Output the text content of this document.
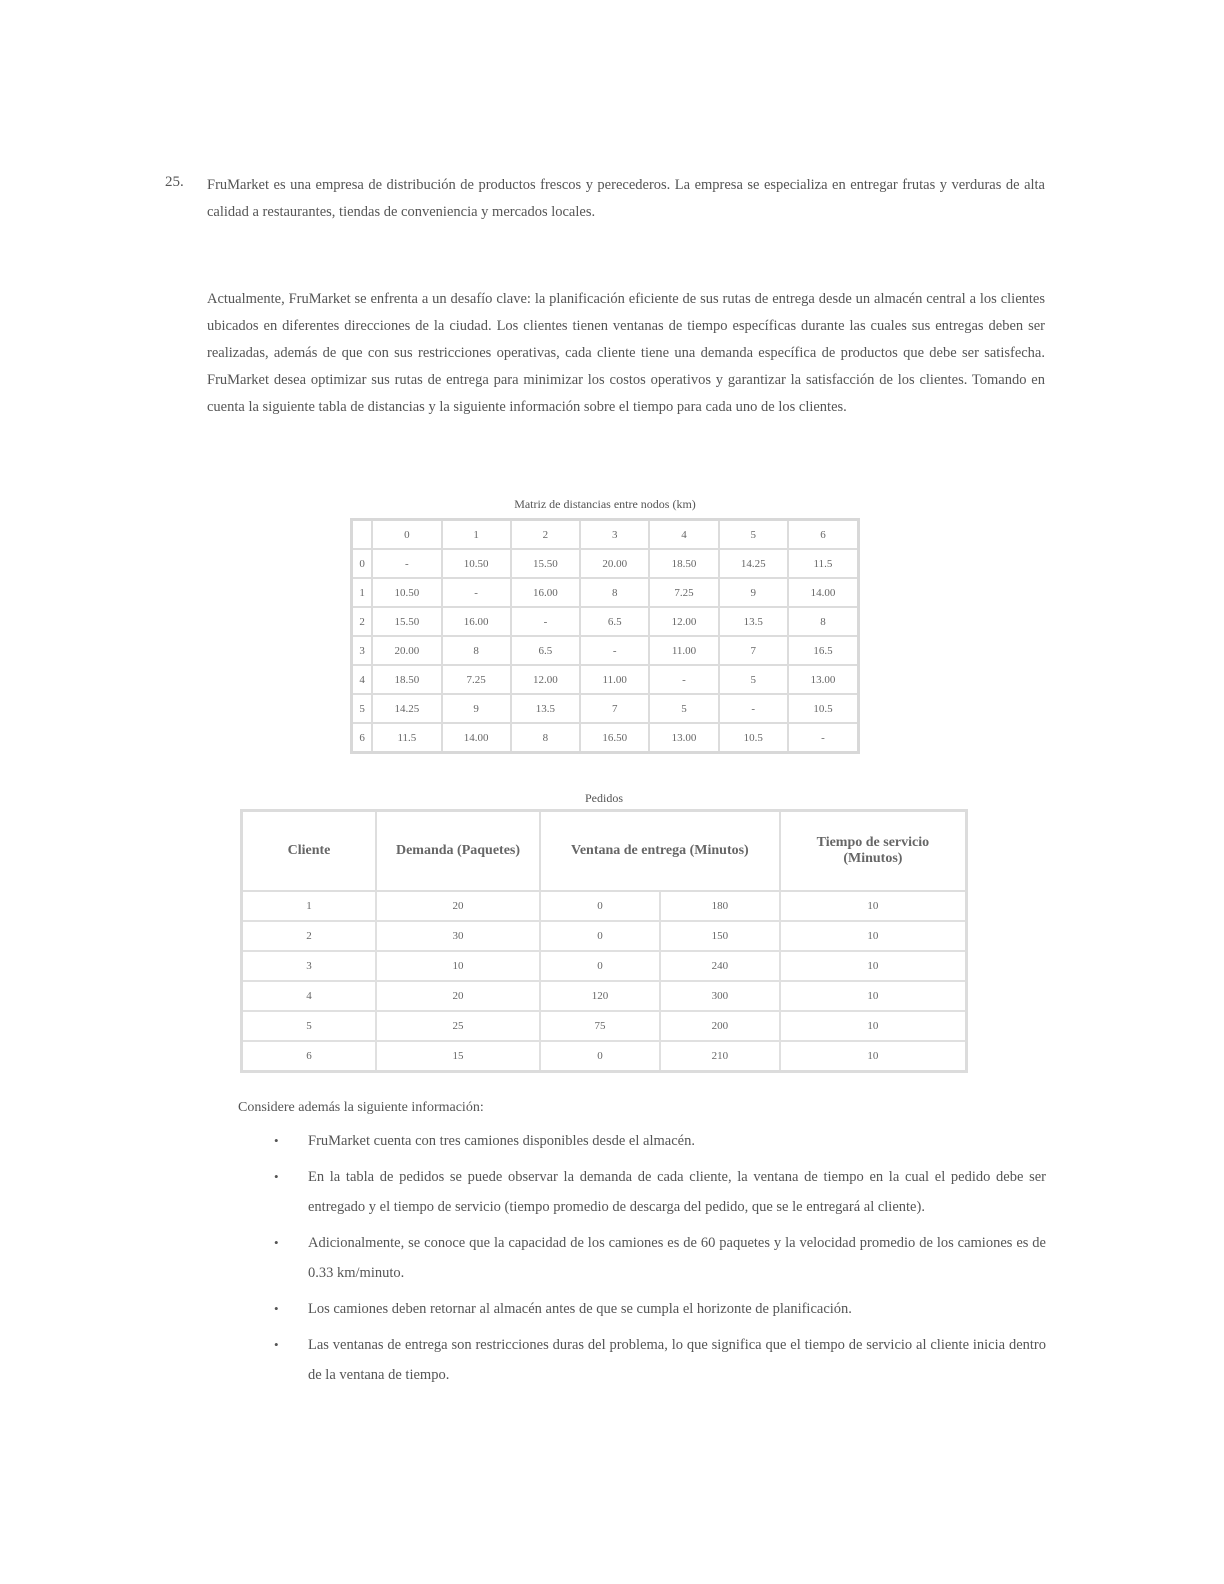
25. FruMarket es una empresa de distribución de productos frescos y perecederos. La empresa se especializa en entregar frutas y verduras de alta calidad a restaurantes, tiendas de conveniencia y mercados locales.

Actualmente, FruMarket se enfrenta a un desafío clave: la planificación eficiente de sus rutas de entrega desde un almacén central a los clientes ubicados en diferentes direcciones de la ciudad. Los clientes tienen ventanas de tiempo específicas durante las cuales sus entregas deben ser realizadas, además de que con sus restricciones operativas, cada cliente tiene una demanda específica de productos que debe ser satisfecha. FruMarket desea optimizar sus rutas de entrega para minimizar los costos operativos y garantizar la satisfacción de los clientes. Tomando en cuenta la siguiente tabla de distancias y la siguiente información sobre el tiempo para cada uno de los clientes.

Matriz de distancias entre nodos (km)
	0	1	2	3	4	5	6
0	-	10.50	15.50	20.00	18.50	14.25	11.5
1	10.50	-	16.00	8	7.25	9	14.00
2	15.50	16.00	-	6.5	12.00	13.5	8
3	20.00	8	6.5	-	11.00	7	16.5
4	18.50	7.25	12.00	11.00	-	5	13.00
5	14.25	9	13.5	7	5	-	10.5
6	11.5	14.00	8	16.50	13.00	10.5	-
Pedidos
Cliente	Demanda (Paquetes)	Ventana de entrega (Minutos)		Tiempo de servicio (Minutos)
1	20	0	180	10
2	30	0	150	10
3	10	0	240	10
4	20	120	300	10
5	25	75	200	10
6	15	0	210	10
Considere además la siguiente información:
• FruMarket cuenta con tres camiones disponibles desde el almacén.
• En la tabla de pedidos se puede observar la demanda de cada cliente, la ventana de tiempo en la cual el pedido debe ser entregado y el tiempo de servicio (tiempo promedio de descarga del pedido, que se le entregará al cliente).
• Adicionalmente, se conoce que la capacidad de los camiones es de 60 paquetes y la velocidad promedio de los camiones es de 0.33 km/minuto.
• Los camiones deben retornar al almacén antes de que se cumpla el horizonte de planificación.
• Las ventanas de entrega son restricciones duras del problema, lo que significa que el tiempo de servicio al cliente inicia dentro de la ventana de tiempo.
